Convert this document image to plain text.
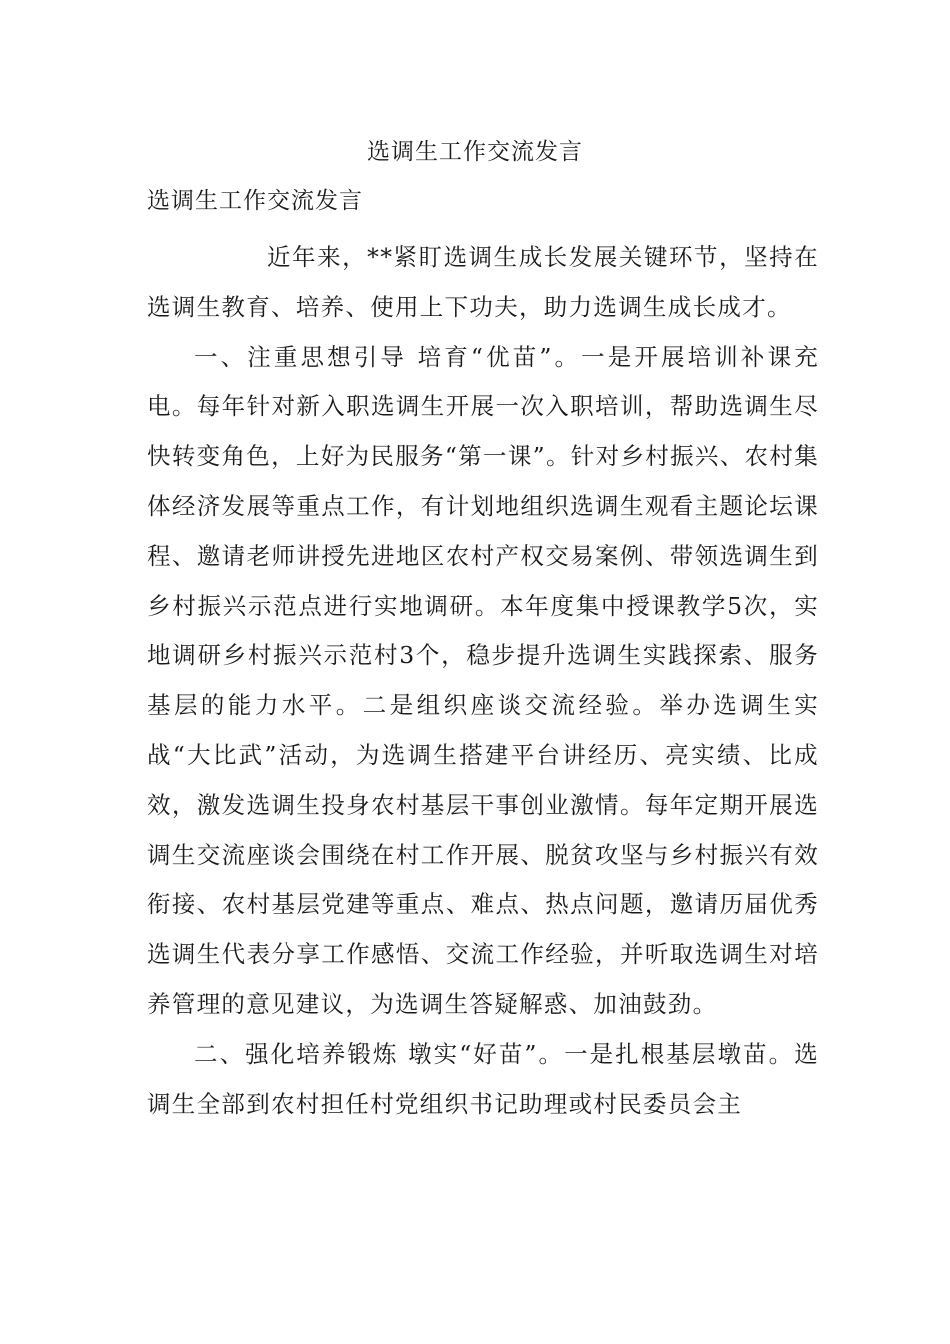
选调生工作交流发言
选调生工作交流发言

近年来，**紧盯选调生成长发展关键环节，坚持在选调生教育、培养、使用上下功夫，助力选调生成长成才。

一、注重思想引导 培育“优苗”。一是开展培训补课充电。每年针对新入职选调生开展一次入职培训，帮助选调生尽快转变角色，上好为民服务“第一课”。针对乡村振兴、农村集体经济发展等重点工作，有计划地组织选调生观看主题论坛课程、邀请老师讲授先进地区农村产权交易案例、带领选调生到乡村振兴示范点进行实地调研。本年度集中授课教学5次，实地调研乡村振兴示范村3个，稳步提升选调生实践探索、服务基层的能力水平。二是组织座谈交流经验。举办选调生实战“大比武”活动，为选调生搭建平台讲经历、亮实绩、比成效，激发选调生投身农村基层干事创业激情。每年定期开展选调生交流座谈会围绕在村工作开展、脱贫攻坚与乡村振兴有效衔接、农村基层党建等重点、难点、热点问题，邀请历届优秀选调生代表分享工作感悟、交流工作经验，并听取选调生对培养管理的意见建议，为选调生答疑解惑、加油鼓劲。

二、强化培养锻炼 墩实“好苗”。一是扎根基层墩苗。选调生全部到农村担任村党组织书记助理或村民委员会主
